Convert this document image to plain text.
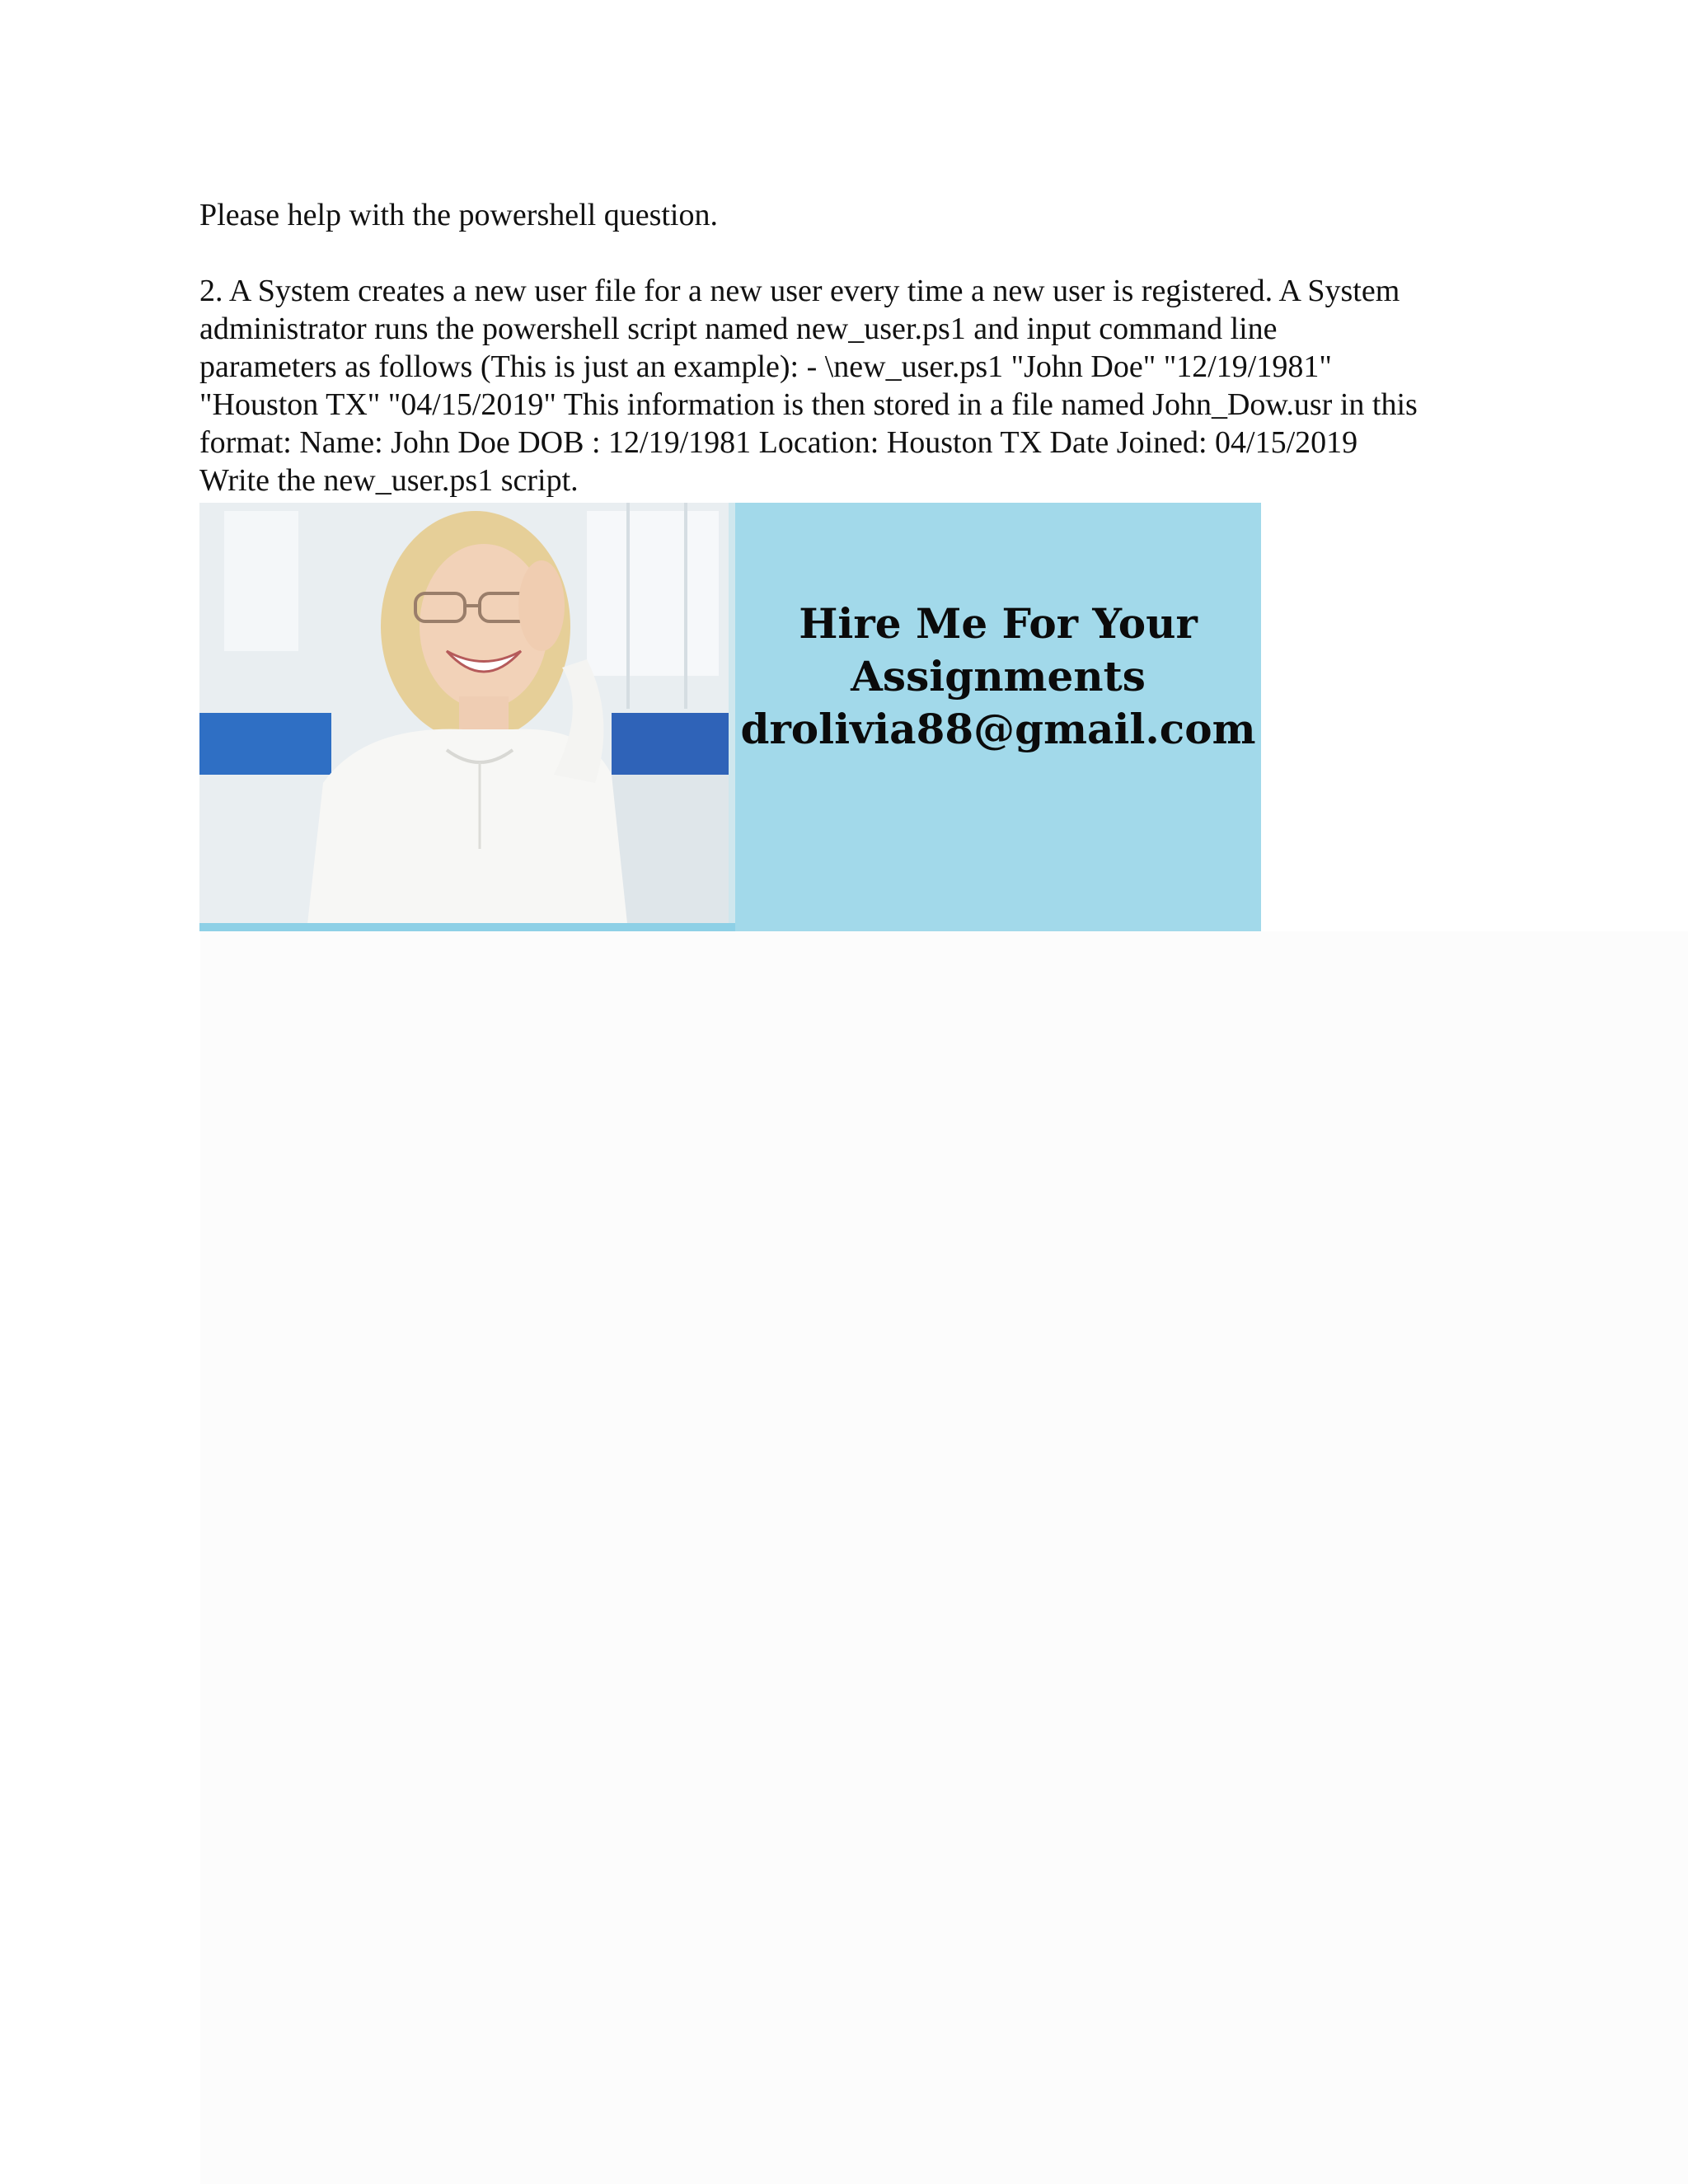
Please help with the powershell question.

2. A System creates a new user file for a new user every time a new user is registered. A System
administrator runs the powershell script named new_user.ps1 and input command line
parameters as follows (This is just an example): - \new_user.ps1 "John Doe" "12/19/1981"
"Houston TX" "04/15/2019" This information is then stored in a file named John_Dow.usr in this
format: Name: John Doe DOB : 12/19/1981 Location: Houston TX Date Joined: 04/15/2019
Write the new_user.ps1 script.

Hire Me For Your
Assignments
drolivia88@gmail.com
